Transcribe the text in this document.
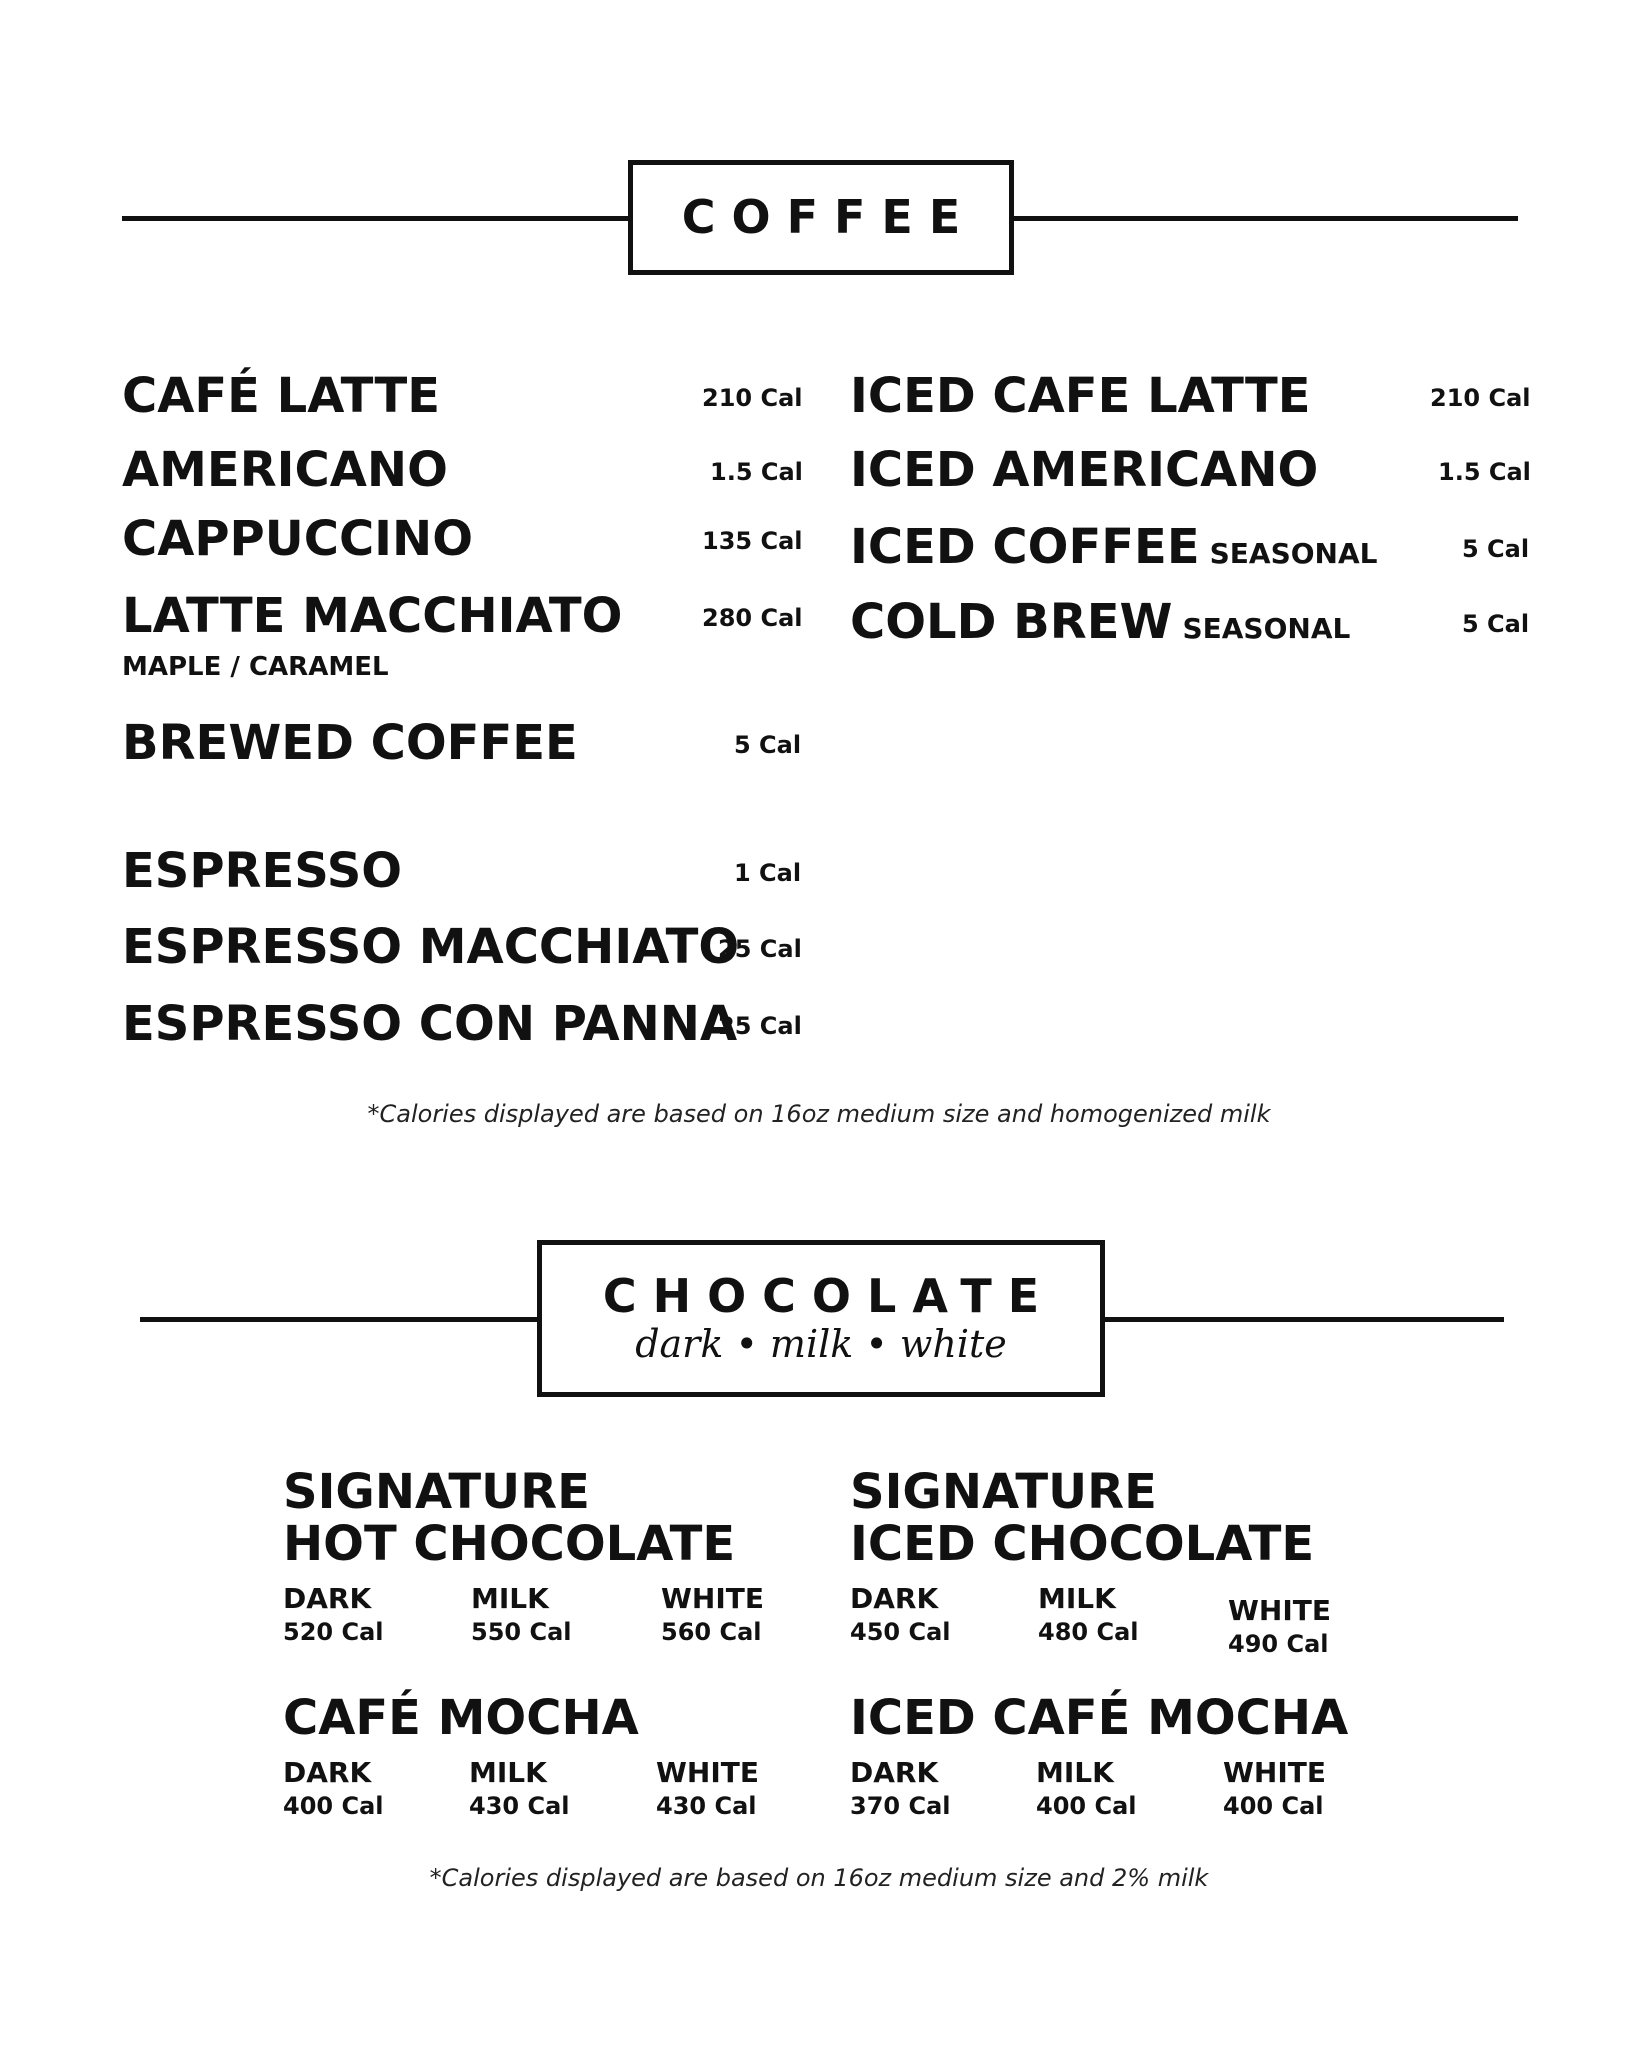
COFFEE
CAFÉ LATTE	210 Cal
AMERICANO	1.5 Cal
CAPPUCCINO	135 Cal
LATTE MACCHIATO	280 Cal
MAPLE / CARAMEL
BREWED COFFEE	5 Cal
ESPRESSO	1 Cal
ESPRESSO MACCHIATO
25 Cal
ESPRESSO CON PANNA
25 Cal
ICED CAFE LATTE	210 Cal
ICED AMERICANO	1.5 Cal
ICED COFFEE SEASONAL	5 Cal
COLD BREW SEASONAL	5 Cal
*Calories displayed are based on 16oz medium size and homogenized milk
CHOCOLATE
dark • milk • white
SIGNATURE
HOT CHOCOLATE
DARK
520 Cal
MILK
550 Cal
WHITE
560 Cal
SIGNATURE
ICED CHOCOLATE
DARK
450 Cal
MILK
480 Cal
WHITE
490 Cal
CAFÉ MOCHA
DARK
400 Cal
MILK
430 Cal
WHITE
430 Cal
ICED CAFÉ MOCHA
DARK
370 Cal
MILK
400 Cal
WHITE
400 Cal
*Calories displayed are based on 16oz medium size and 2% milk
